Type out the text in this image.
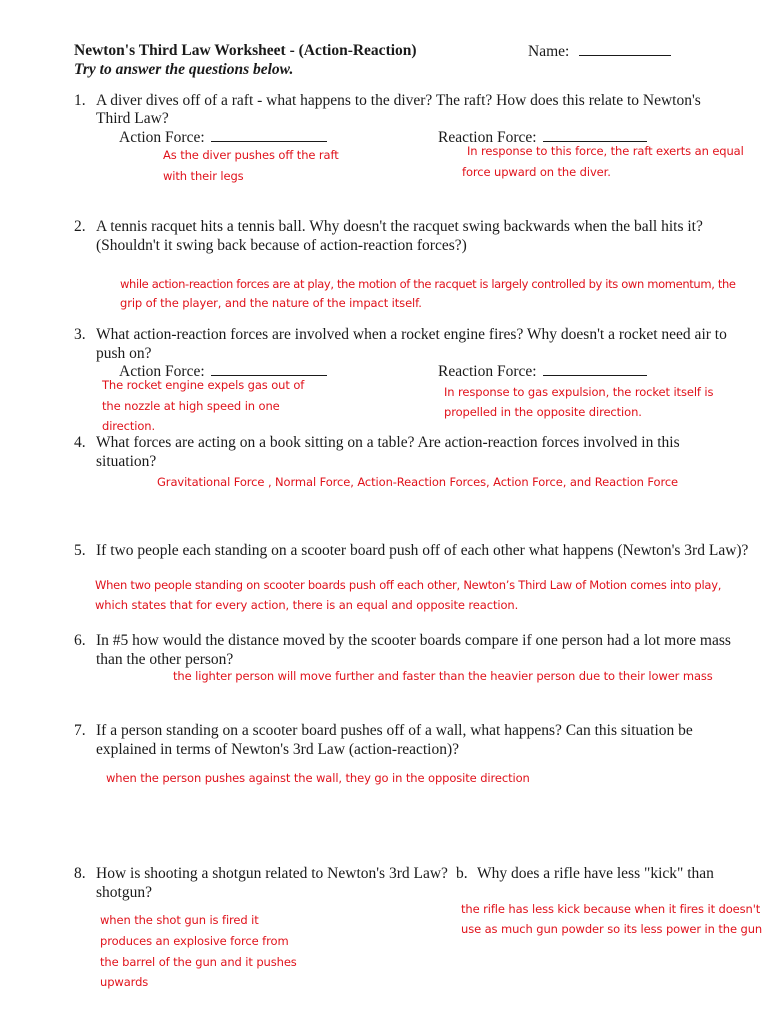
Newton's Third Law Worksheet - (Action-Reaction)
Try to answer the questions below.
Name:
1. A diver dives off of a raft - what happens to the diver? The raft? How does this relate to Newton's
Third Law?
Action Force:	Reaction Force:
As the diver pushes off the raft
with their legs
In response to this force, the raft exerts an equal
force upward on the diver.
2. A tennis racquet hits a tennis ball. Why doesn't the racquet swing backwards when the ball hits it?
(Shouldn't it swing back because of action-reaction forces?)
while action-reaction forces are at play, the motion of the racquet is largely controlled by its own momentum, the
grip of the player, and the nature of the impact itself.
3. What action-reaction forces are involved when a rocket engine fires? Why doesn't a rocket need air to
push on?
Action Force:	Reaction Force:
The rocket engine expels gas out of
the nozzle at high speed in one
direction.
In response to gas expulsion, the rocket itself is
propelled in the opposite direction.
4. What forces are acting on a book sitting on a table? Are action-reaction forces involved in this
situation?
Gravitational Force , Normal Force, Action-Reaction Forces, Action Force, and Reaction Force
5. If two people each standing on a scooter board push off of each other what happens (Newton's 3rd Law)?
When two people standing on scooter boards push off each other, Newton’s Third Law of Motion comes into play,
which states that for every action, there is an equal and opposite reaction.
6. In #5 how would the distance moved by the scooter boards compare if one person had a lot more mass
than the other person?
the lighter person will move further and faster than the heavier person due to their lower mass
7. If a person standing on a scooter board pushes off of a wall, what happens? Can this situation be
explained in terms of Newton's 3rd Law (action-reaction)?
when the person pushes against the wall, they go in the opposite direction
8. How is shooting a shotgun related to Newton's 3rd Law?
shotgun?
when the shot gun is fired it
produces an explosive force from
the barrel of the gun and it pushes
upwards
b. Why does a rifle have less "kick" than
the rifle has less kick because when it fires it doesn't
use as much gun powder so its less power in the gun
